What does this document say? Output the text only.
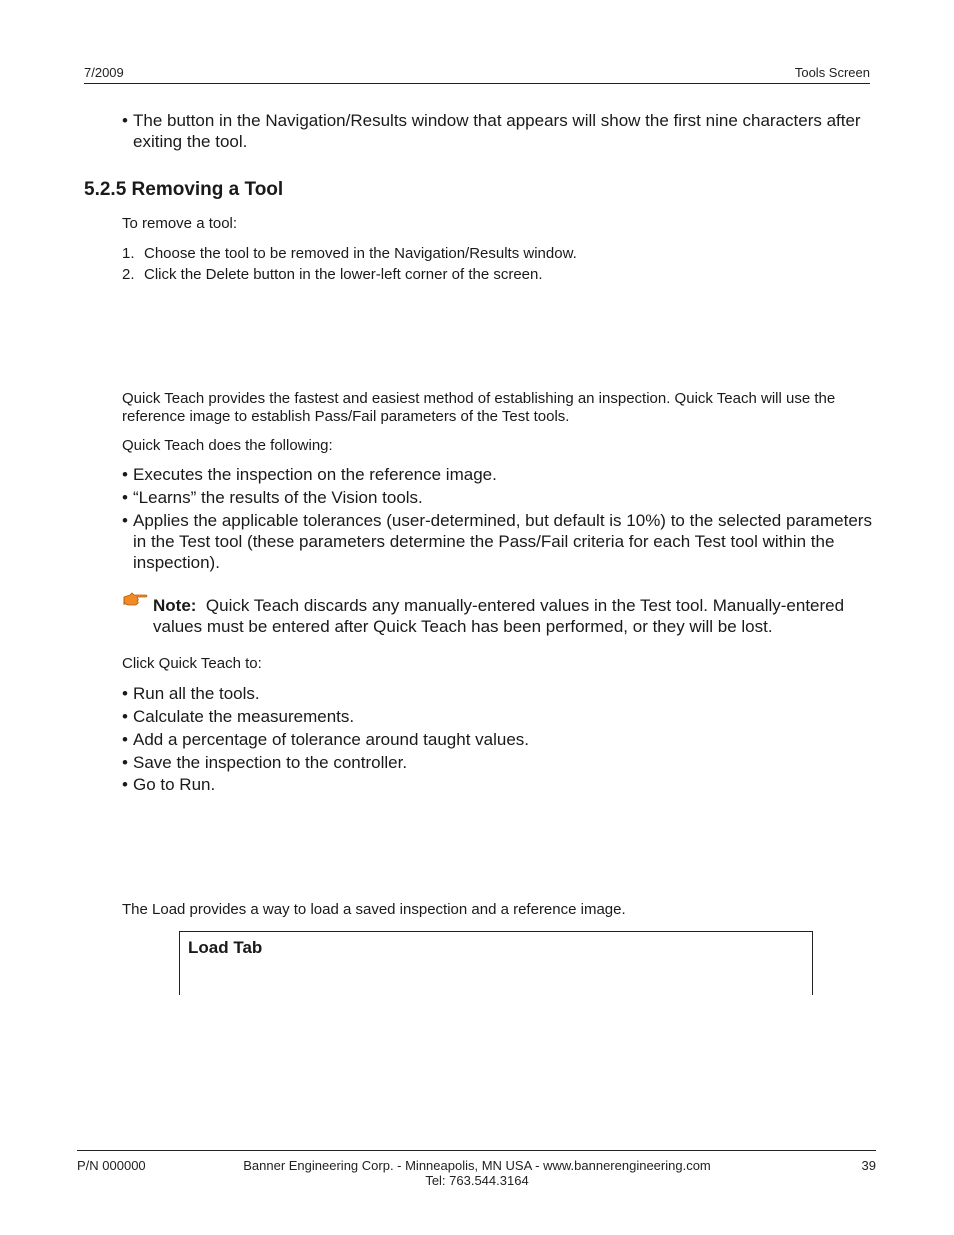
7/2009	Tools Screen
• The button in the Navigation/Results window that appears will show the first nine characters after exiting the tool.
5.2.5 Removing a Tool
To remove a tool:
1. Choose the tool to be removed in the Navigation/Results window.
2. Click the Delete button in the lower-left corner of the screen.
Quick Teach provides the fastest and easiest method of establishing an inspection. Quick Teach will use the reference image to establish Pass/Fail parameters of the Test tools.
Quick Teach does the following:
• Executes the inspection on the reference image.
• “Learns” the results of the Vision tools.
• Applies the applicable tolerances (user-determined, but default is 10%) to the selected parameters in the Test tool (these parameters determine the Pass/Fail criteria for each Test tool within the inspection).
Note: Quick Teach discards any manually-entered values in the Test tool. Manually-entered values must be entered after Quick Teach has been performed, or they will be lost.
Click Quick Teach to:
• Run all the tools.
• Calculate the measurements.
• Add a percentage of tolerance around taught values.
• Save the inspection to the controller.
• Go to Run.
The Load provides a way to load a saved inspection and a reference image.
Load Tab
P/N 000000	Banner Engineering Corp. - Minneapolis, MN USA - www.bannerengineering.com
Tel: 763.544.3164
39
